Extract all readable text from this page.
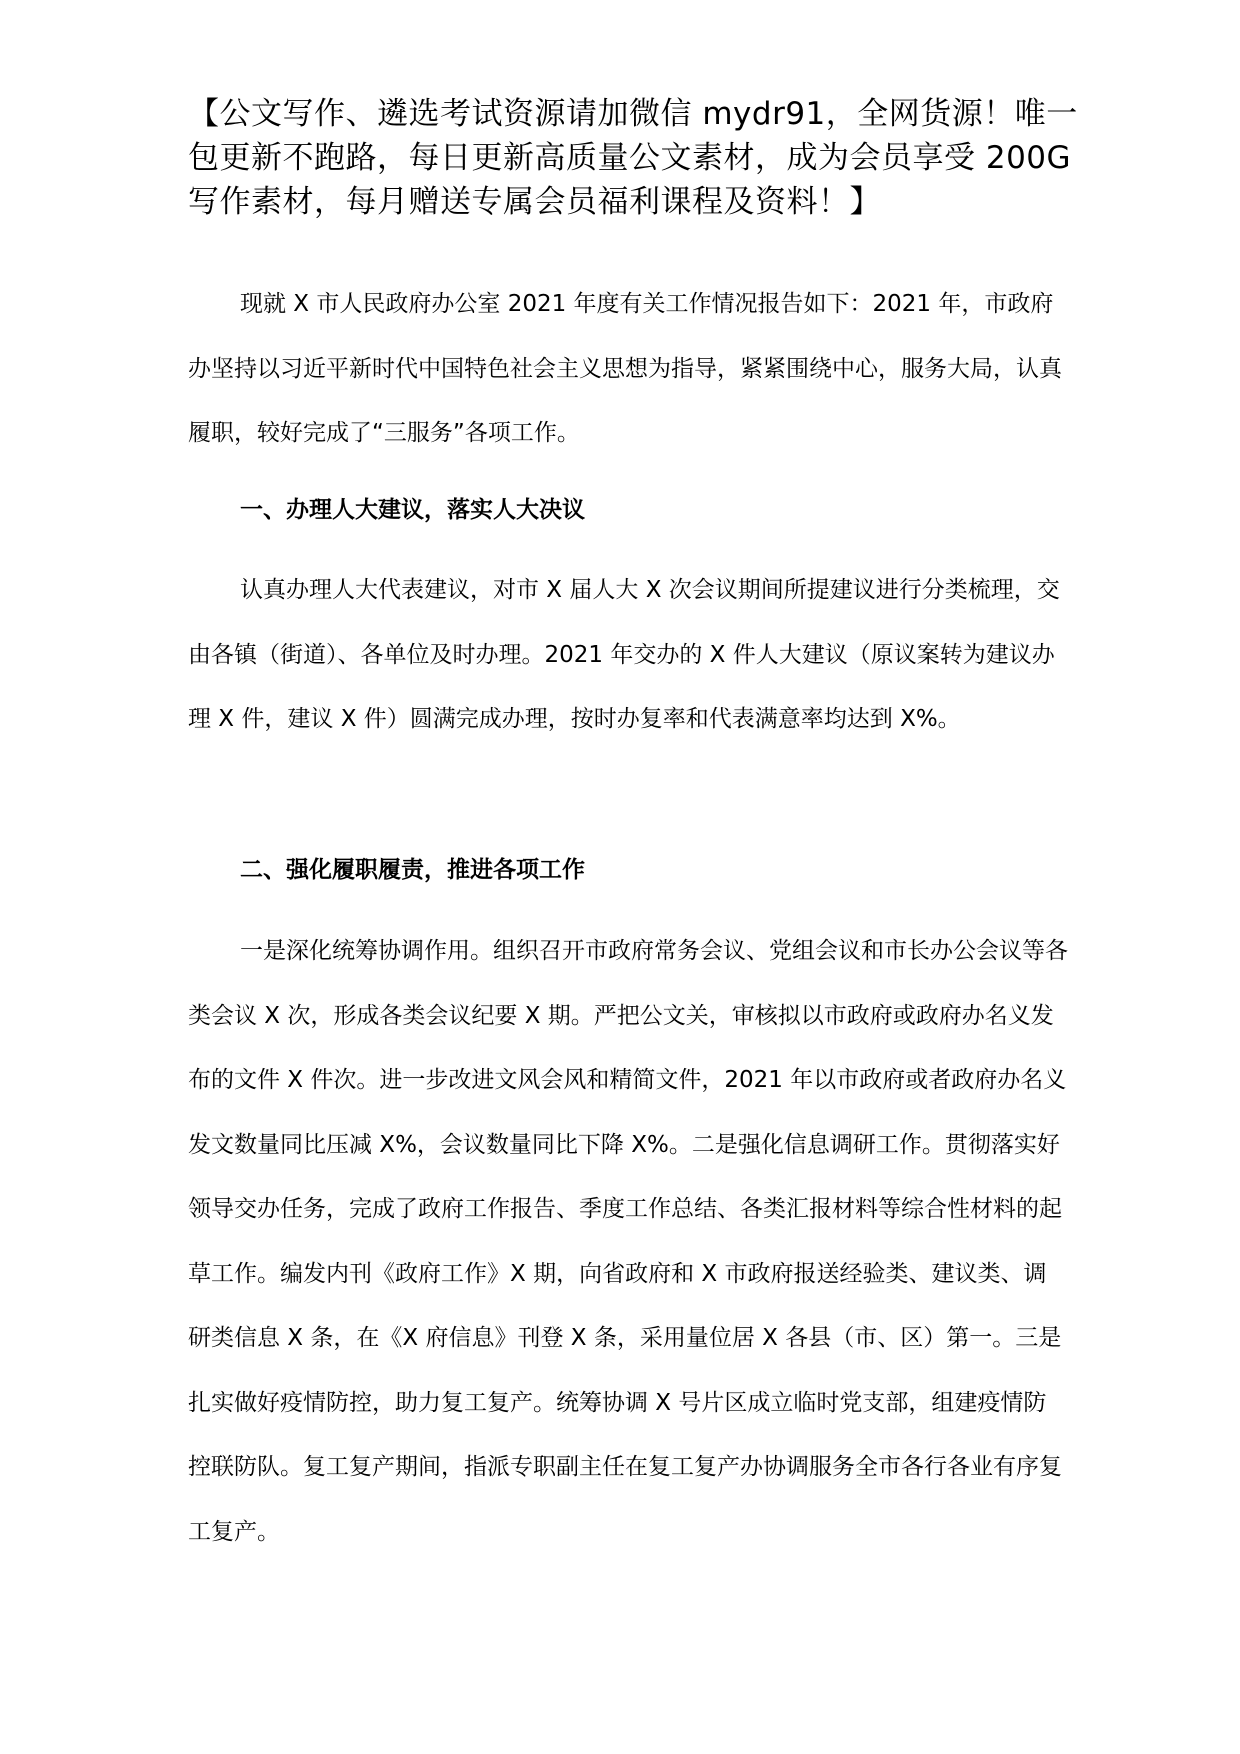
【公文写作、遴选考试资源请加微信 mydr91，全网货源！唯一包更新不跑路，每日更新高质量公文素材，成为会员享受 200G 写作素材，每月赠送专属会员福利课程及资料！】

现就 X 市人民政府办公室 2021 年度有关工作情况报告如下：2021 年，市政府办坚持以习近平新时代中国特色社会主义思想为指导，紧紧围绕中心，服务大局，认真履职，较好完成了“三服务”各项工作。

一、办理人大建议，落实人大决议

认真办理人大代表建议，对市 X 届人大 X 次会议期间所提建议进行分类梳理，交由各镇（街道）、各单位及时办理。2021 年交办的 X 件人大建议（原议案转为建议办理 X 件，建议 X 件）圆满完成办理，按时办复率和代表满意率均达到 X%。

二、强化履职履责，推进各项工作

一是深化统筹协调作用。组织召开市政府常务会议、党组会议和市长办公会议等各类会议 X 次，形成各类会议纪要 X 期。严把公文关，审核拟以市政府或政府办名义发布的文件 X 件次。进一步改进文风会风和精简文件，2021 年以市政府或者政府办名义发文数量同比压减 X%，会议数量同比下降 X%。二是强化信息调研工作。贯彻落实好领导交办任务，完成了政府工作报告、季度工作总结、各类汇报材料等综合性材料的起草工作。编发内刊《政府工作》X 期，向省政府和 X 市政府报送经验类、建议类、调研类信息 X 条，在《X 府信息》刊登 X 条，采用量位居 X 各县（市、区）第一。三是扎实做好疫情防控，助力复工复产。统筹协调 X 号片区成立临时党支部，组建疫情防控联防队。复工复产期间，指派专职副主任在复工复产办协调服务全市各行各业有序复工复产。
